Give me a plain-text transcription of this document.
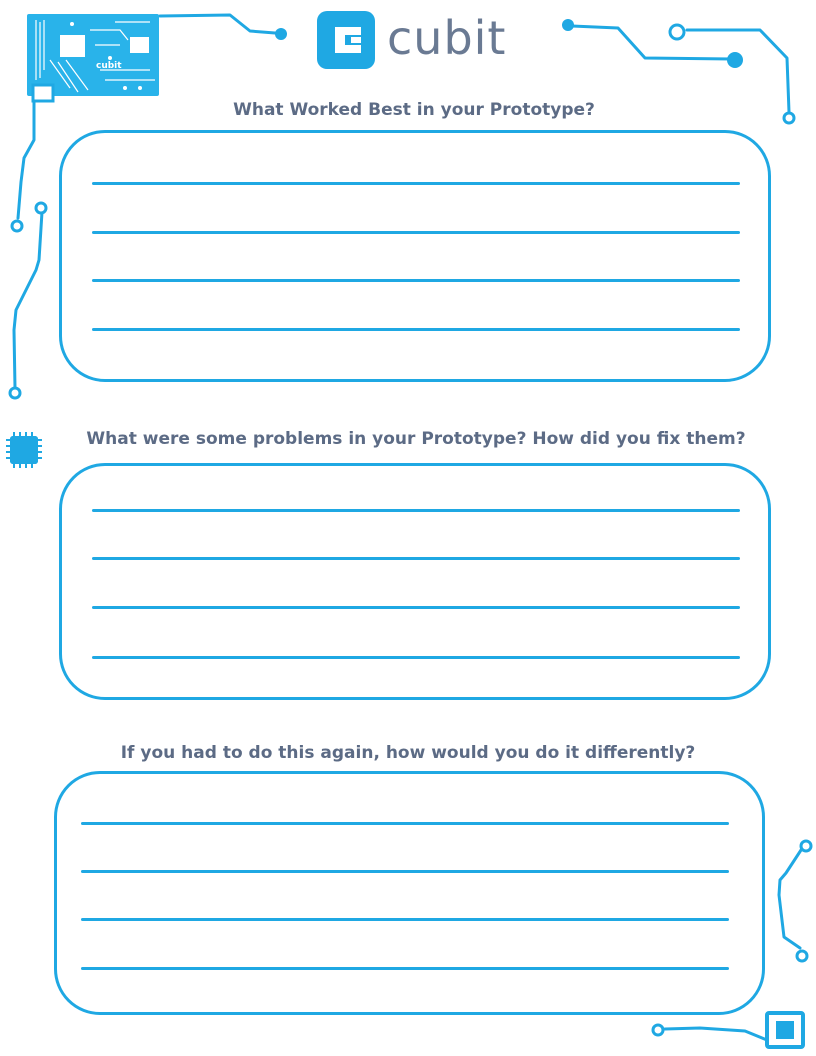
cubit
cubit
What Worked Best in your Prototype?
What were some problems in your Prototype? How did you fix them?
If you had to do this again, how would you do it differently?
